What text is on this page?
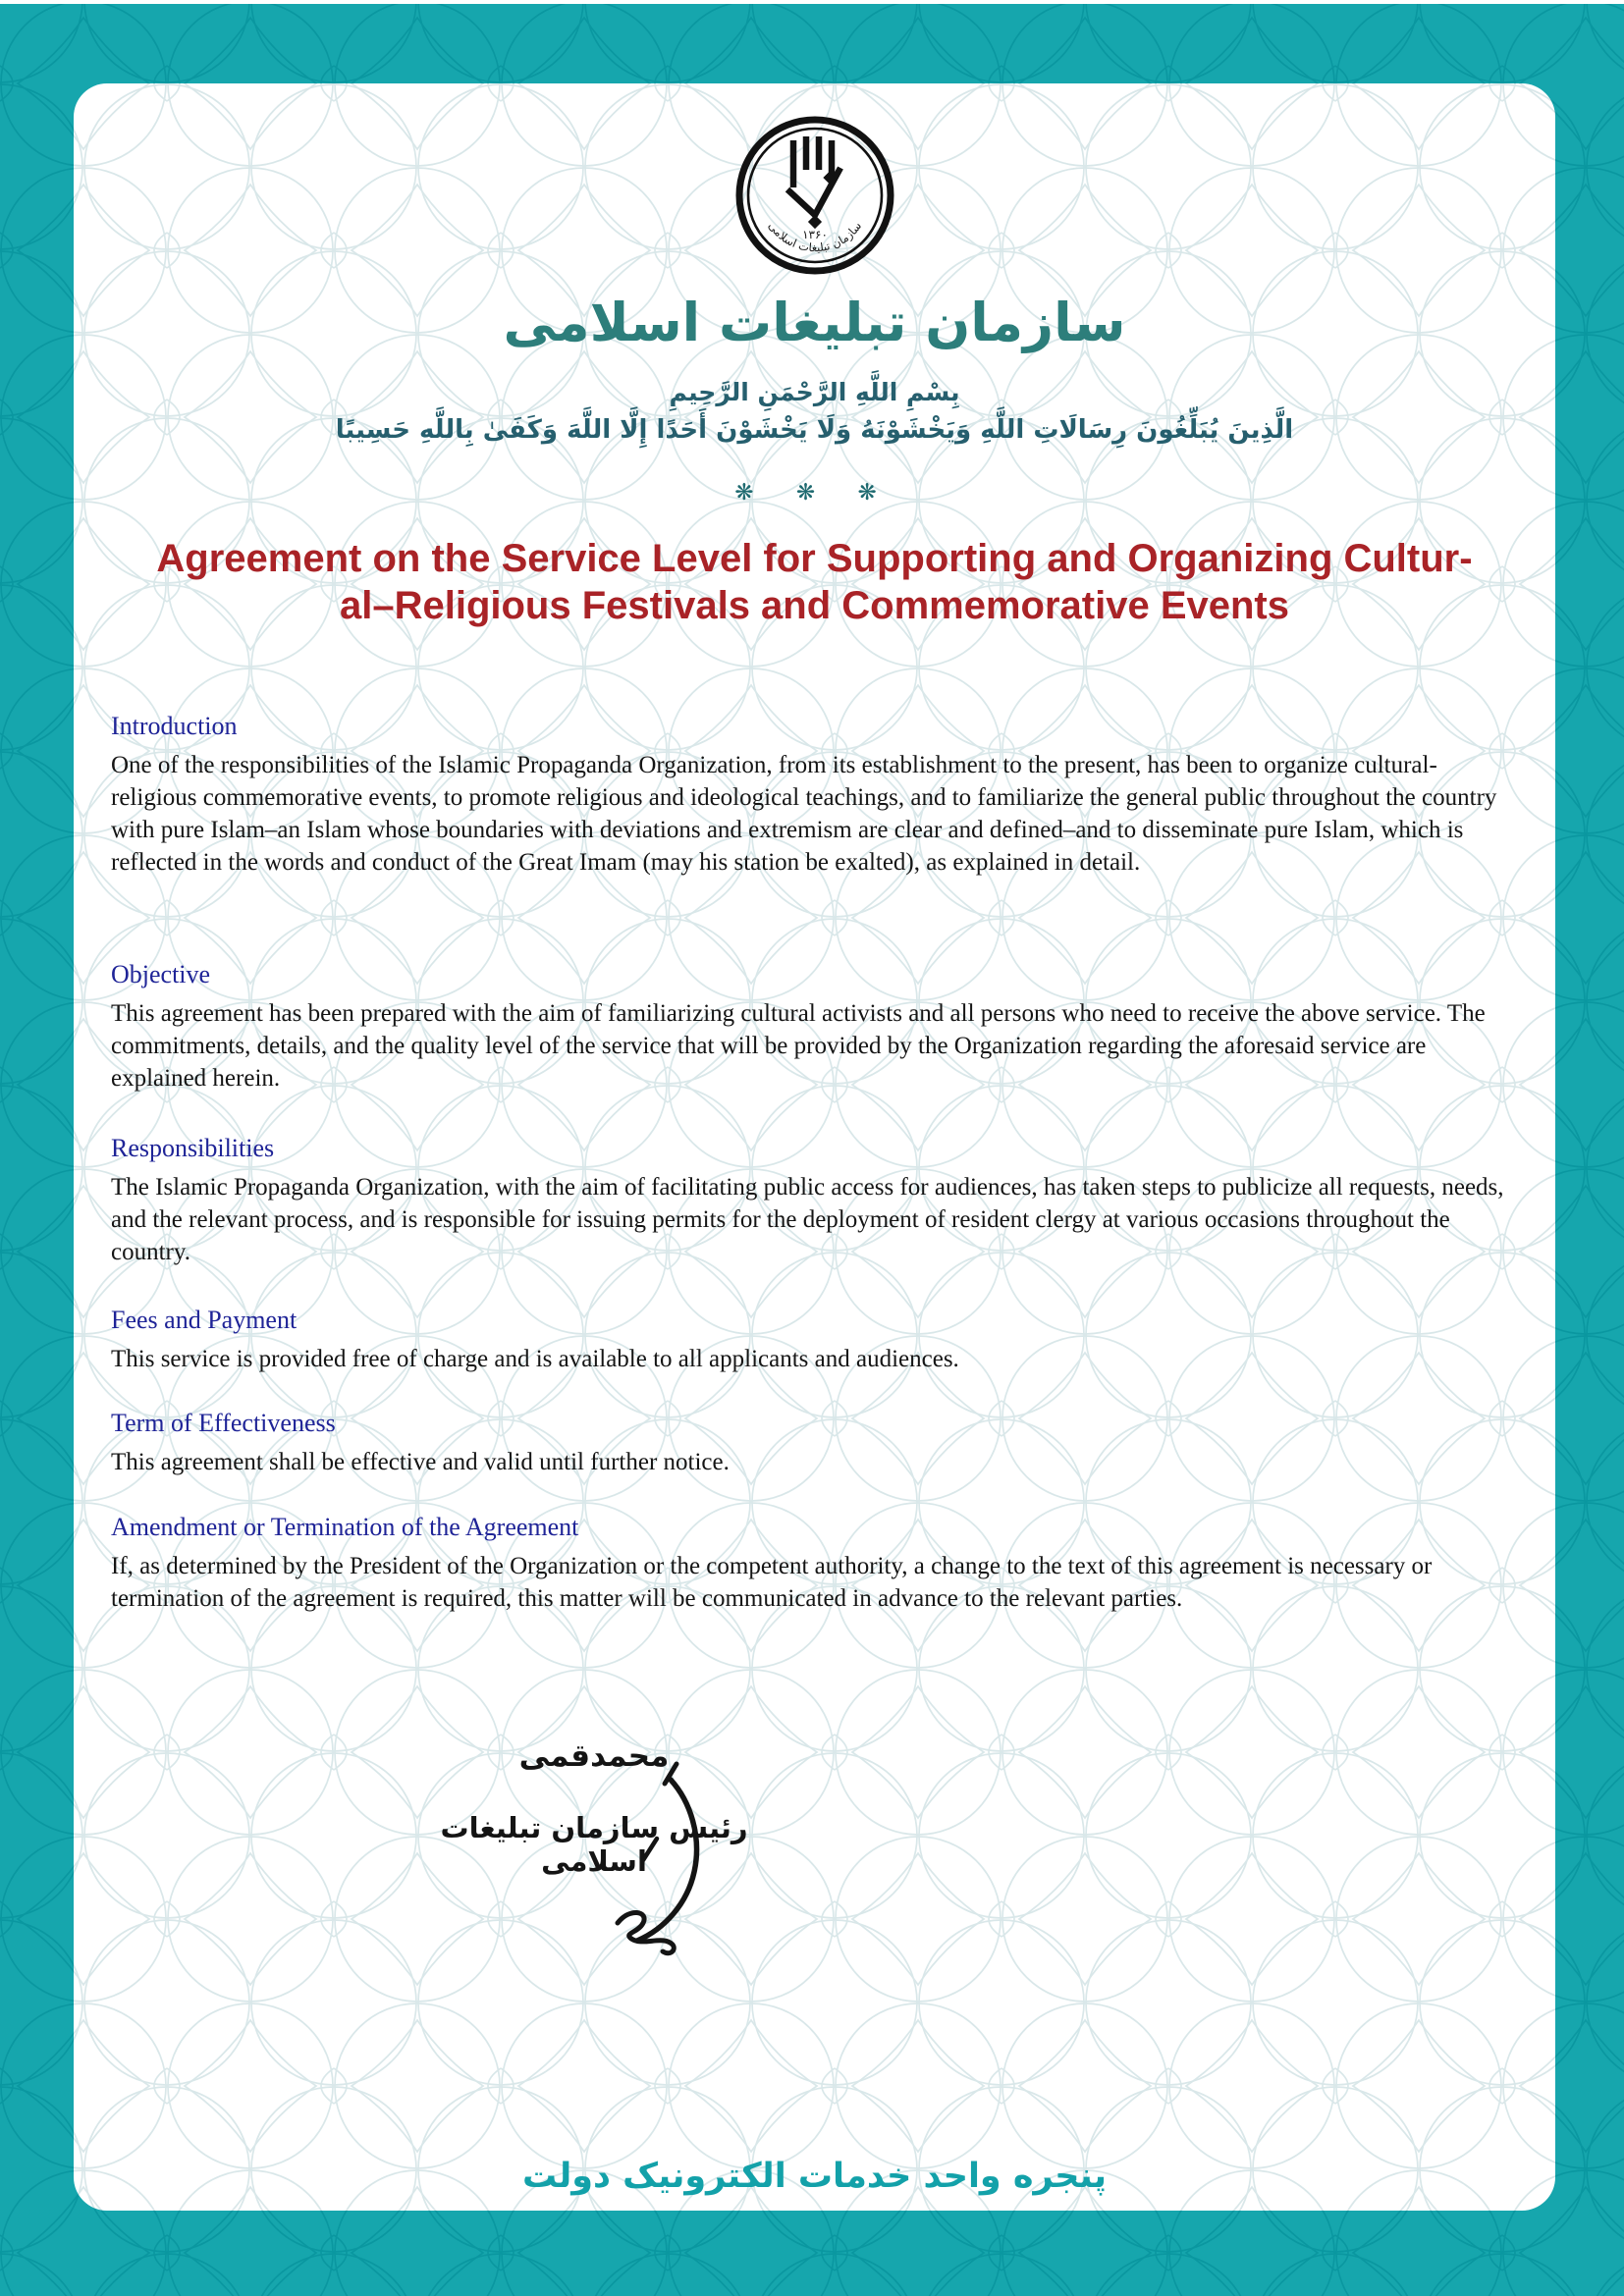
۱۳۶۰
سازمان تبلیغات اسلامی
سازمان تبلیغات اسلامی
بِسْمِ اللَّهِ الرَّحْمَنِ الرَّحِيمِ
الَّذِينَ يُبَلِّغُونَ رِسَالَاتِ اللَّهِ وَيَخْشَوْنَهُ وَلَا يَخْشَوْنَ أَحَدًا إِلَّا اللَّهَ وَكَفَىٰ بِاللَّهِ حَسِيبًا
❋ ❋ ❋
Agreement on the Service Level for Supporting and Organizing Cultur-
al–Religious Festivals and Commemorative Events
Introduction

One of the responsibilities of the Islamic Propaganda Organization, from its establishment to the present, has been to organize cultural-religious commemorative events, to promote religious and ideological teachings, and to familiarize the general public throughout the country with pure Islam–an Islam whose boundaries with deviations and extremism are clear and defined–and to disseminate pure Islam, which is reflected in the words and conduct of the Great Imam (may his station be exalted), as explained in detail.

Objective

This agreement has been prepared with the aim of familiarizing cultural activists and all persons who need to receive the above service. The commitments, details, and the quality level of the service that will be provided by the Organization regarding the aforesaid service are explained herein.

Responsibilities

The Islamic Propaganda Organization, with the aim of facilitating public access for audiences, has taken steps to publicize all requests, needs, and the relevant process, and is responsible for issuing permits for the deployment of resident clergy at various occasions throughout the country.

Fees and Payment

This service is provided free of charge and is available to all applicants and audiences.

Term of Effectiveness

This agreement shall be effective and valid until further notice.

Amendment or Termination of the Agreement

If, as determined by the President of the Organization or the competent authority, a change to the text of this agreement is necessary or termination of the agreement is required, this matter will be communicated in advance to the relevant parties.

محمدقمی
رئیس سازمان تبلیغات اسلامی
پنجره واحد خدمات الکترونیک دولت
